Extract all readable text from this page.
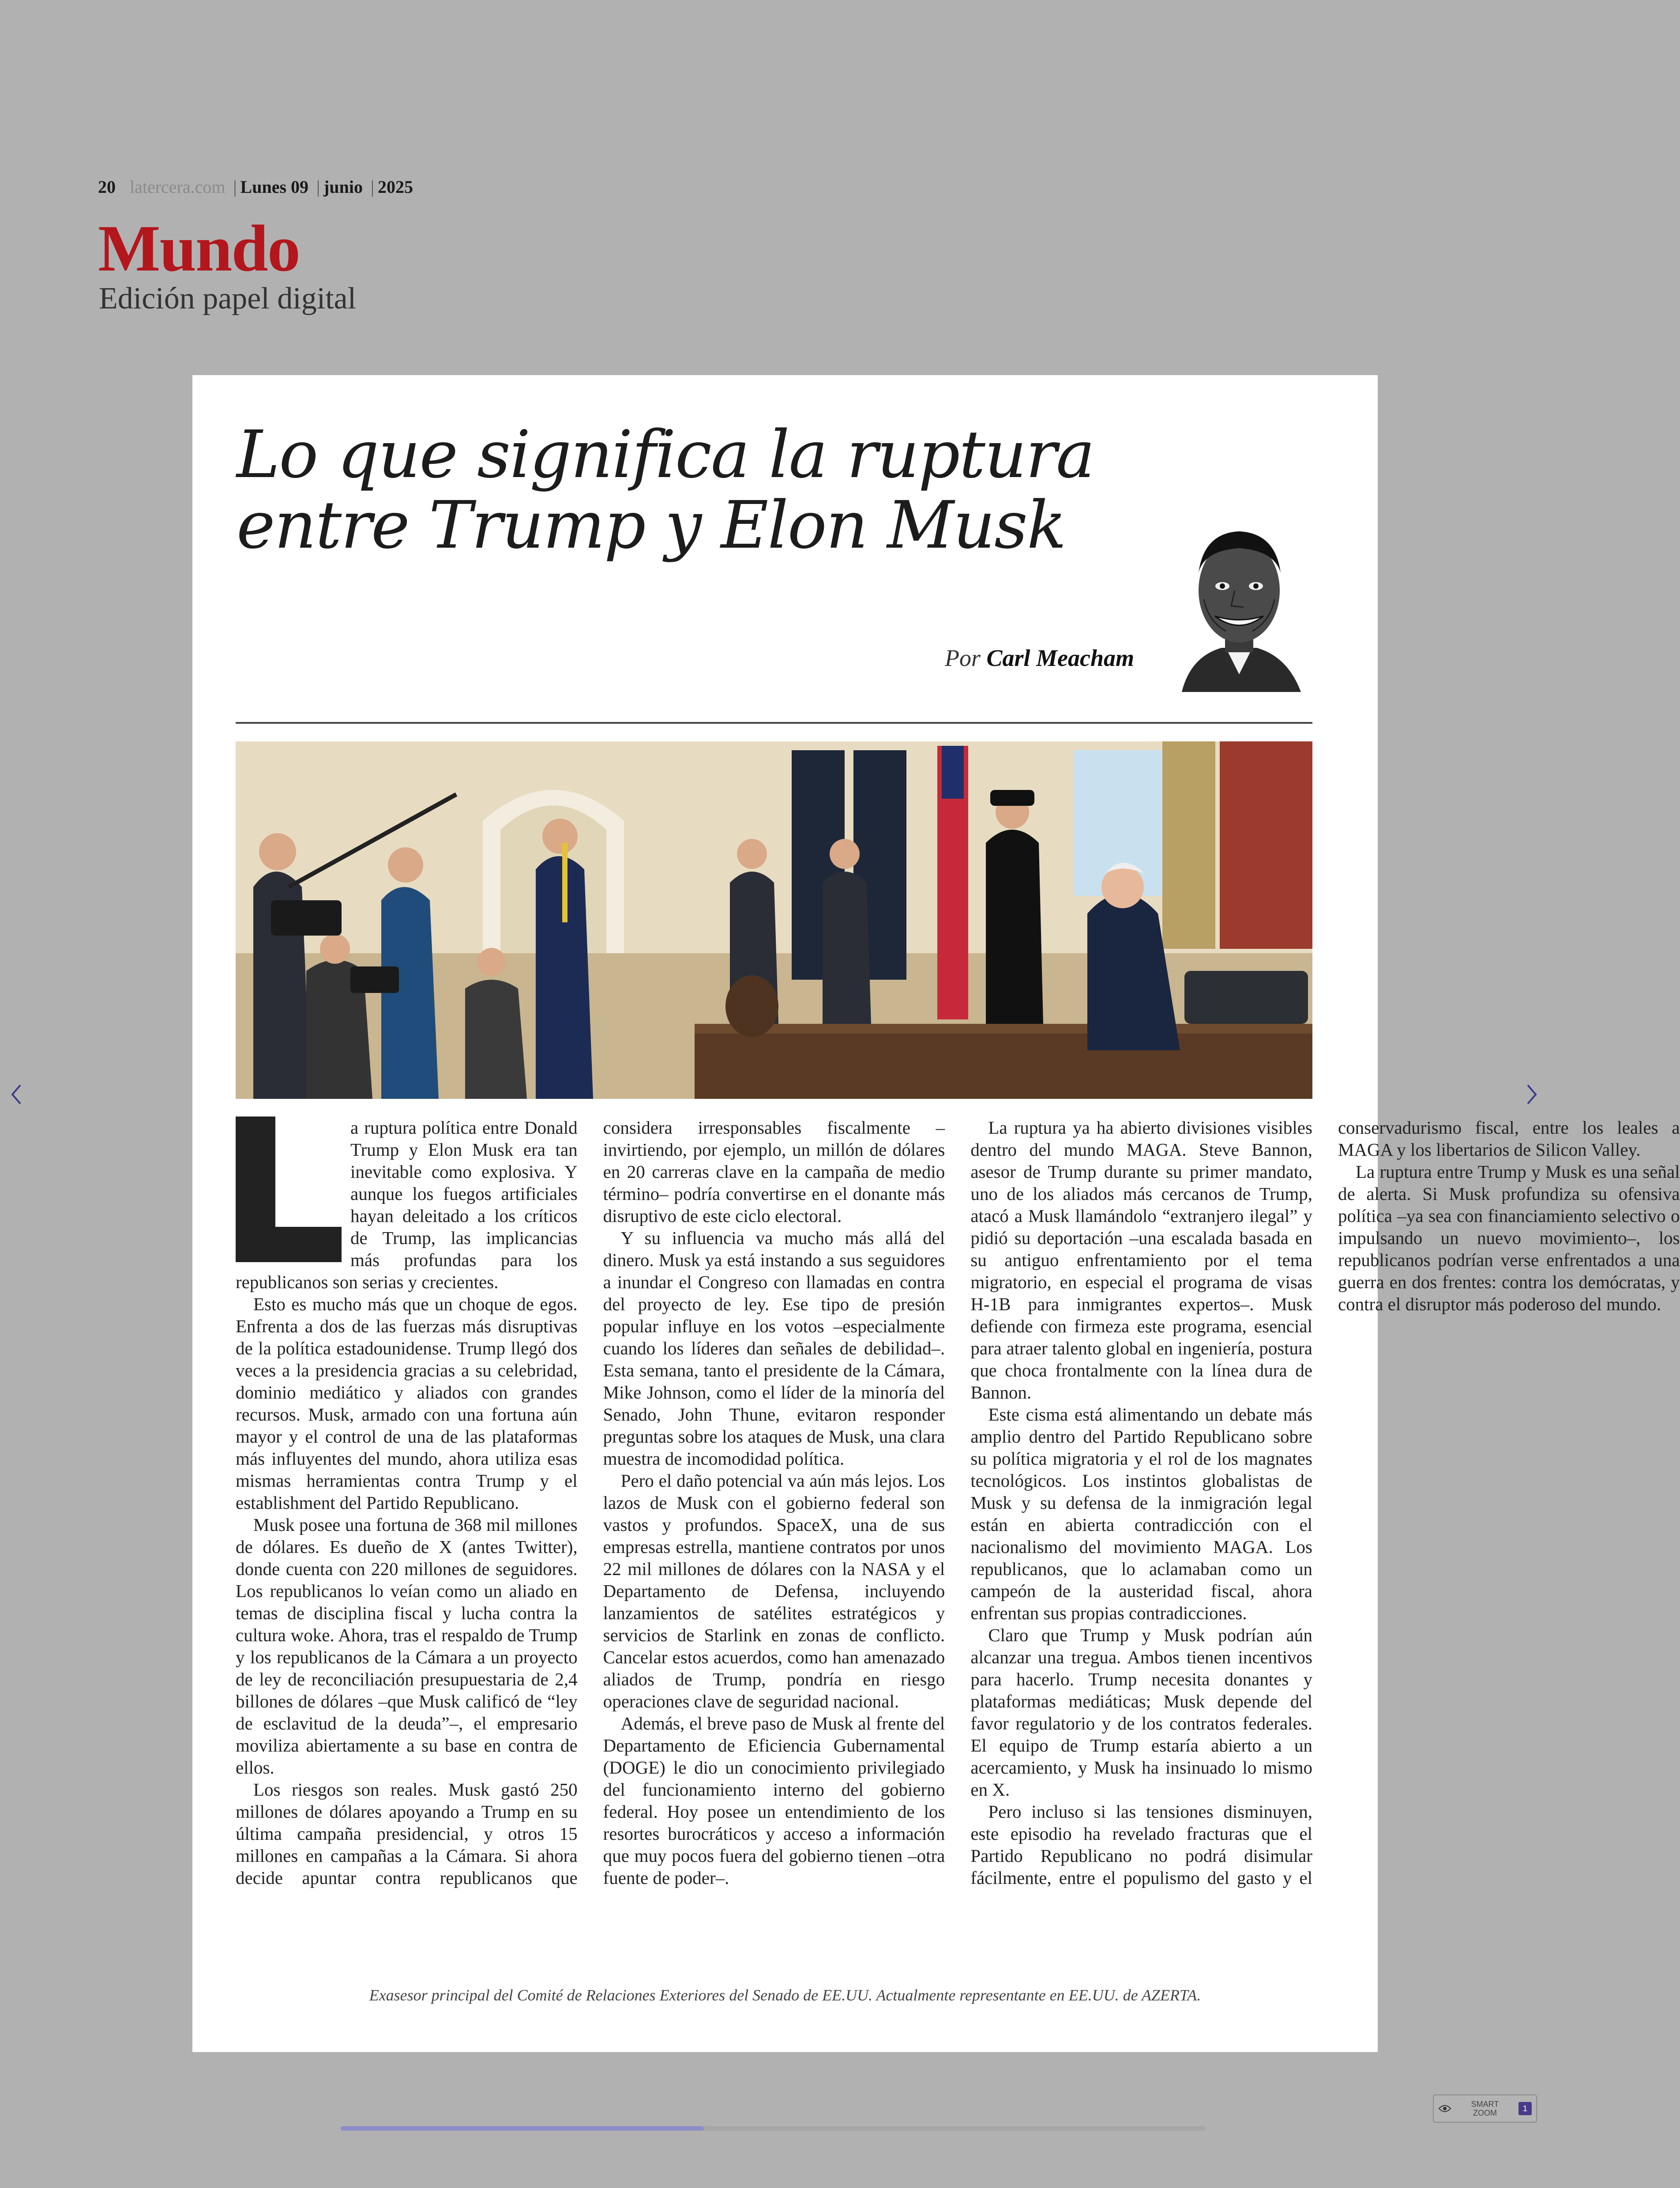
20 latercera.com | Lunes 09 | junio | 2025
Mundo
Edición papel digital
Lo que significa la ruptura
entre Trump y Elon Musk
Por Carl Meacham

a ruptura política entre Donald Trump y Elon Musk era tan inevitable como explosiva. Y aunque los fuegos artificiales hayan deleitado a los críticos de Trump, las implicancias más profundas para los republicanos son serias y crecientes.

Esto es mucho más que un choque de egos. Enfrenta a dos de las fuerzas más disruptivas de la política estadounidense. Trump llegó dos veces a la presidencia gracias a su celebridad, dominio mediático y aliados con grandes recursos. Musk, armado con una fortuna aún mayor y el control de una de las plataformas más influyentes del mundo, ahora utiliza esas mismas herramientas contra Trump y el establishment del Partido Republicano.

Musk posee una fortuna de 368 mil millones de dólares. Es dueño de X (antes Twitter), donde cuenta con 220 millones de seguidores. Los republicanos lo veían como un aliado en temas de disciplina fiscal y lucha contra la cultura woke. Ahora, tras el respaldo de Trump y los republicanos de la Cámara a un proyecto de ley de reconciliación presupuestaria de 2,4 billones de dólares –que Musk calificó de “ley de esclavitud de la deuda”–, el empresario moviliza abiertamente a su base en contra de ellos.

Los riesgos son reales. Musk gastó 250 millones de dólares apoyando a Trump en su última campaña presidencial, y otros 15 millones en campañas a la Cámara. Si ahora decide apuntar contra republicanos que considera irresponsables fiscalmente –invirtiendo, por ejemplo, un millón de dólares en 20 carreras clave en la campaña de medio término– podría convertirse en el donante más disruptivo de este ciclo electoral.

Y su influencia va mucho más allá del dinero. Musk ya está instando a sus seguidores a inundar el Congreso con llamadas en contra del proyecto de ley. Ese tipo de presión popular influye en los votos –especialmente cuando los líderes dan señales de debilidad–. Esta semana, tanto el presidente de la Cámara, Mike Johnson, como el líder de la minoría del Senado, John Thune, evitaron responder preguntas sobre los ataques de Musk, una clara muestra de incomodidad política.

Pero el daño potencial va aún más lejos. Los lazos de Musk con el gobierno federal son vastos y profundos. SpaceX, una de sus empresas estrella, mantiene contratos por unos 22 mil millones de dólares con la NASA y el Departamento de Defensa, incluyendo lanzamientos de satélites estratégicos y servicios de Starlink en zonas de conflicto. Cancelar estos acuerdos, como han amenazado aliados de Trump, pondría en riesgo operaciones clave de seguridad nacional.

Además, el breve paso de Musk al frente del Departamento de Eficiencia Gubernamental (DOGE) le dio un conocimiento privilegiado del funcionamiento interno del gobierno federal. Hoy posee un entendimiento de los resortes burocráticos y acceso a información que muy pocos fuera del gobierno tienen –otra fuente de poder–.

La ruptura ya ha abierto divisiones visibles dentro del mundo MAGA. Steve Bannon, asesor de Trump durante su primer mandato, uno de los aliados más cercanos de Trump, atacó a Musk llamándolo “extranjero ilegal” y pidió su deportación –una escalada basada en su antiguo enfrentamiento por el tema migratorio, en especial el programa de visas H-1B para inmigrantes expertos–. Musk defiende con firmeza este programa, esencial para atraer talento global en ingeniería, postura que choca frontalmente con la línea dura de Bannon.

Este cisma está alimentando un debate más amplio dentro del Partido Republicano sobre su política migratoria y el rol de los magnates tecnológicos. Los instintos globalistas de Musk y su defensa de la inmigración legal están en abierta contradicción con el nacionalismo del movimiento MAGA. Los republicanos, que lo aclamaban como un campeón de la austeridad fiscal, ahora enfrentan sus propias contradicciones.

Claro que Trump y Musk podrían aún alcanzar una tregua. Ambos tienen incentivos para hacerlo. Trump necesita donantes y plataformas mediáticas; Musk depende del favor regulatorio y de los contratos federales. El equipo de Trump estaría abierto a un acercamiento, y Musk ha insinuado lo mismo en X.

Pero incluso si las tensiones disminuyen, este episodio ha revelado fracturas que el Partido Republicano no podrá disimular fácilmente, entre el populismo del gasto y el conservadurismo fiscal, entre los leales a MAGA y los libertarios de Silicon Valley.

La ruptura entre Trump y Musk es una señal de alerta. Si Musk profundiza su ofensiva política –ya sea con financiamiento selectivo o impulsando un nuevo movimiento–, los republicanos podrían verse enfrentados a una guerra en dos frentes: contra los demócratas, y contra el disruptor más poderoso del mundo.

Exasesor principal del Comité de Relaciones Exteriores del Senado de EE.UU. Actualmente representante en EE.UU. de AZERTA.
SMART
ZOOM
1
